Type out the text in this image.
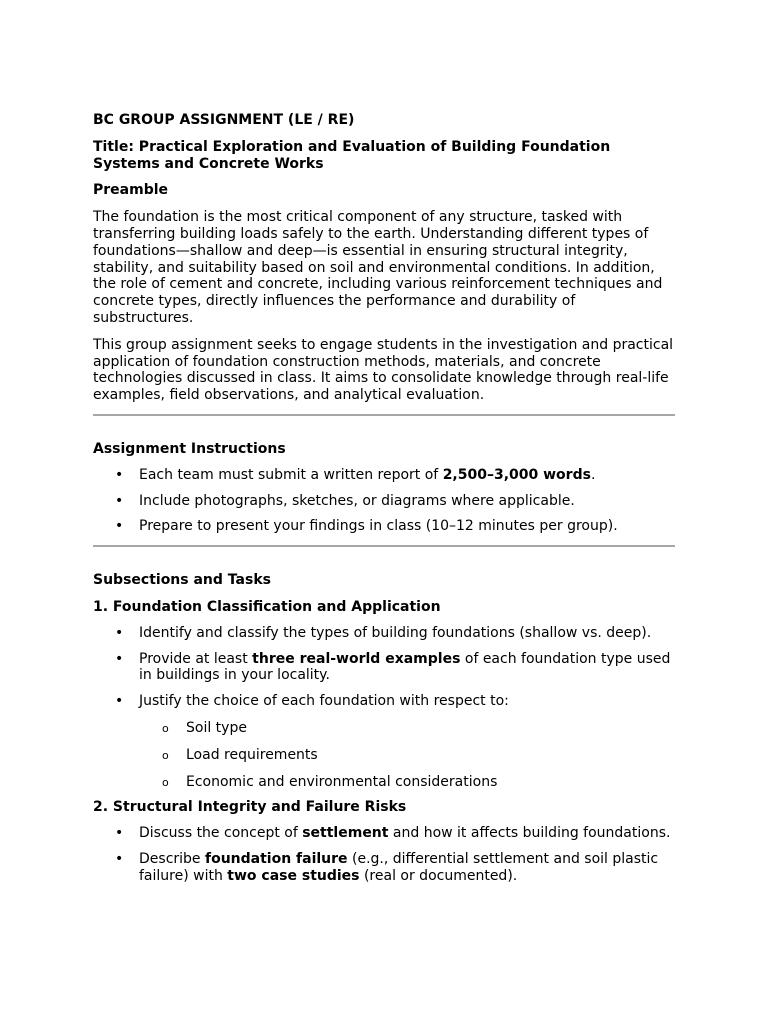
BC GROUP ASSIGNMENT (LE / RE)

Title: Practical Exploration and Evaluation of Building Foundation Systems and Concrete Works

Preamble

The foundation is the most critical component of any structure, tasked with transferring building loads safely to the earth. Understanding different types of foundations—shallow and deep—is essential in ensuring structural integrity, stability, and suitability based on soil and environmental conditions. In addition, the role of cement and concrete, including various reinforcement techniques and concrete types, directly influences the performance and durability of substructures.

This group assignment seeks to engage students in the investigation and practical application of foundation construction methods, materials, and concrete technologies discussed in class. It aims to consolidate knowledge through real-life examples, field observations, and analytical evaluation.

Assignment Instructions

• Each team must submit a written report of 2,500–3,000 words.
• Include photographs, sketches, or diagrams where applicable.
• Prepare to present your findings in class (10–12 minutes per group).

Subsections and Tasks

1. Foundation Classification and Application

• Identify and classify the types of building foundations (shallow vs. deep).
• Provide at least three real-world examples of each foundation type used in buildings in your locality.
• Justify the choice of each foundation with respect to:
o Soil type
o Load requirements
o Economic and environmental considerations

2. Structural Integrity and Failure Risks

• Discuss the concept of settlement and how it affects building foundations.
• Describe foundation failure (e.g., differential settlement and soil plastic failure) with two case studies (real or documented).
